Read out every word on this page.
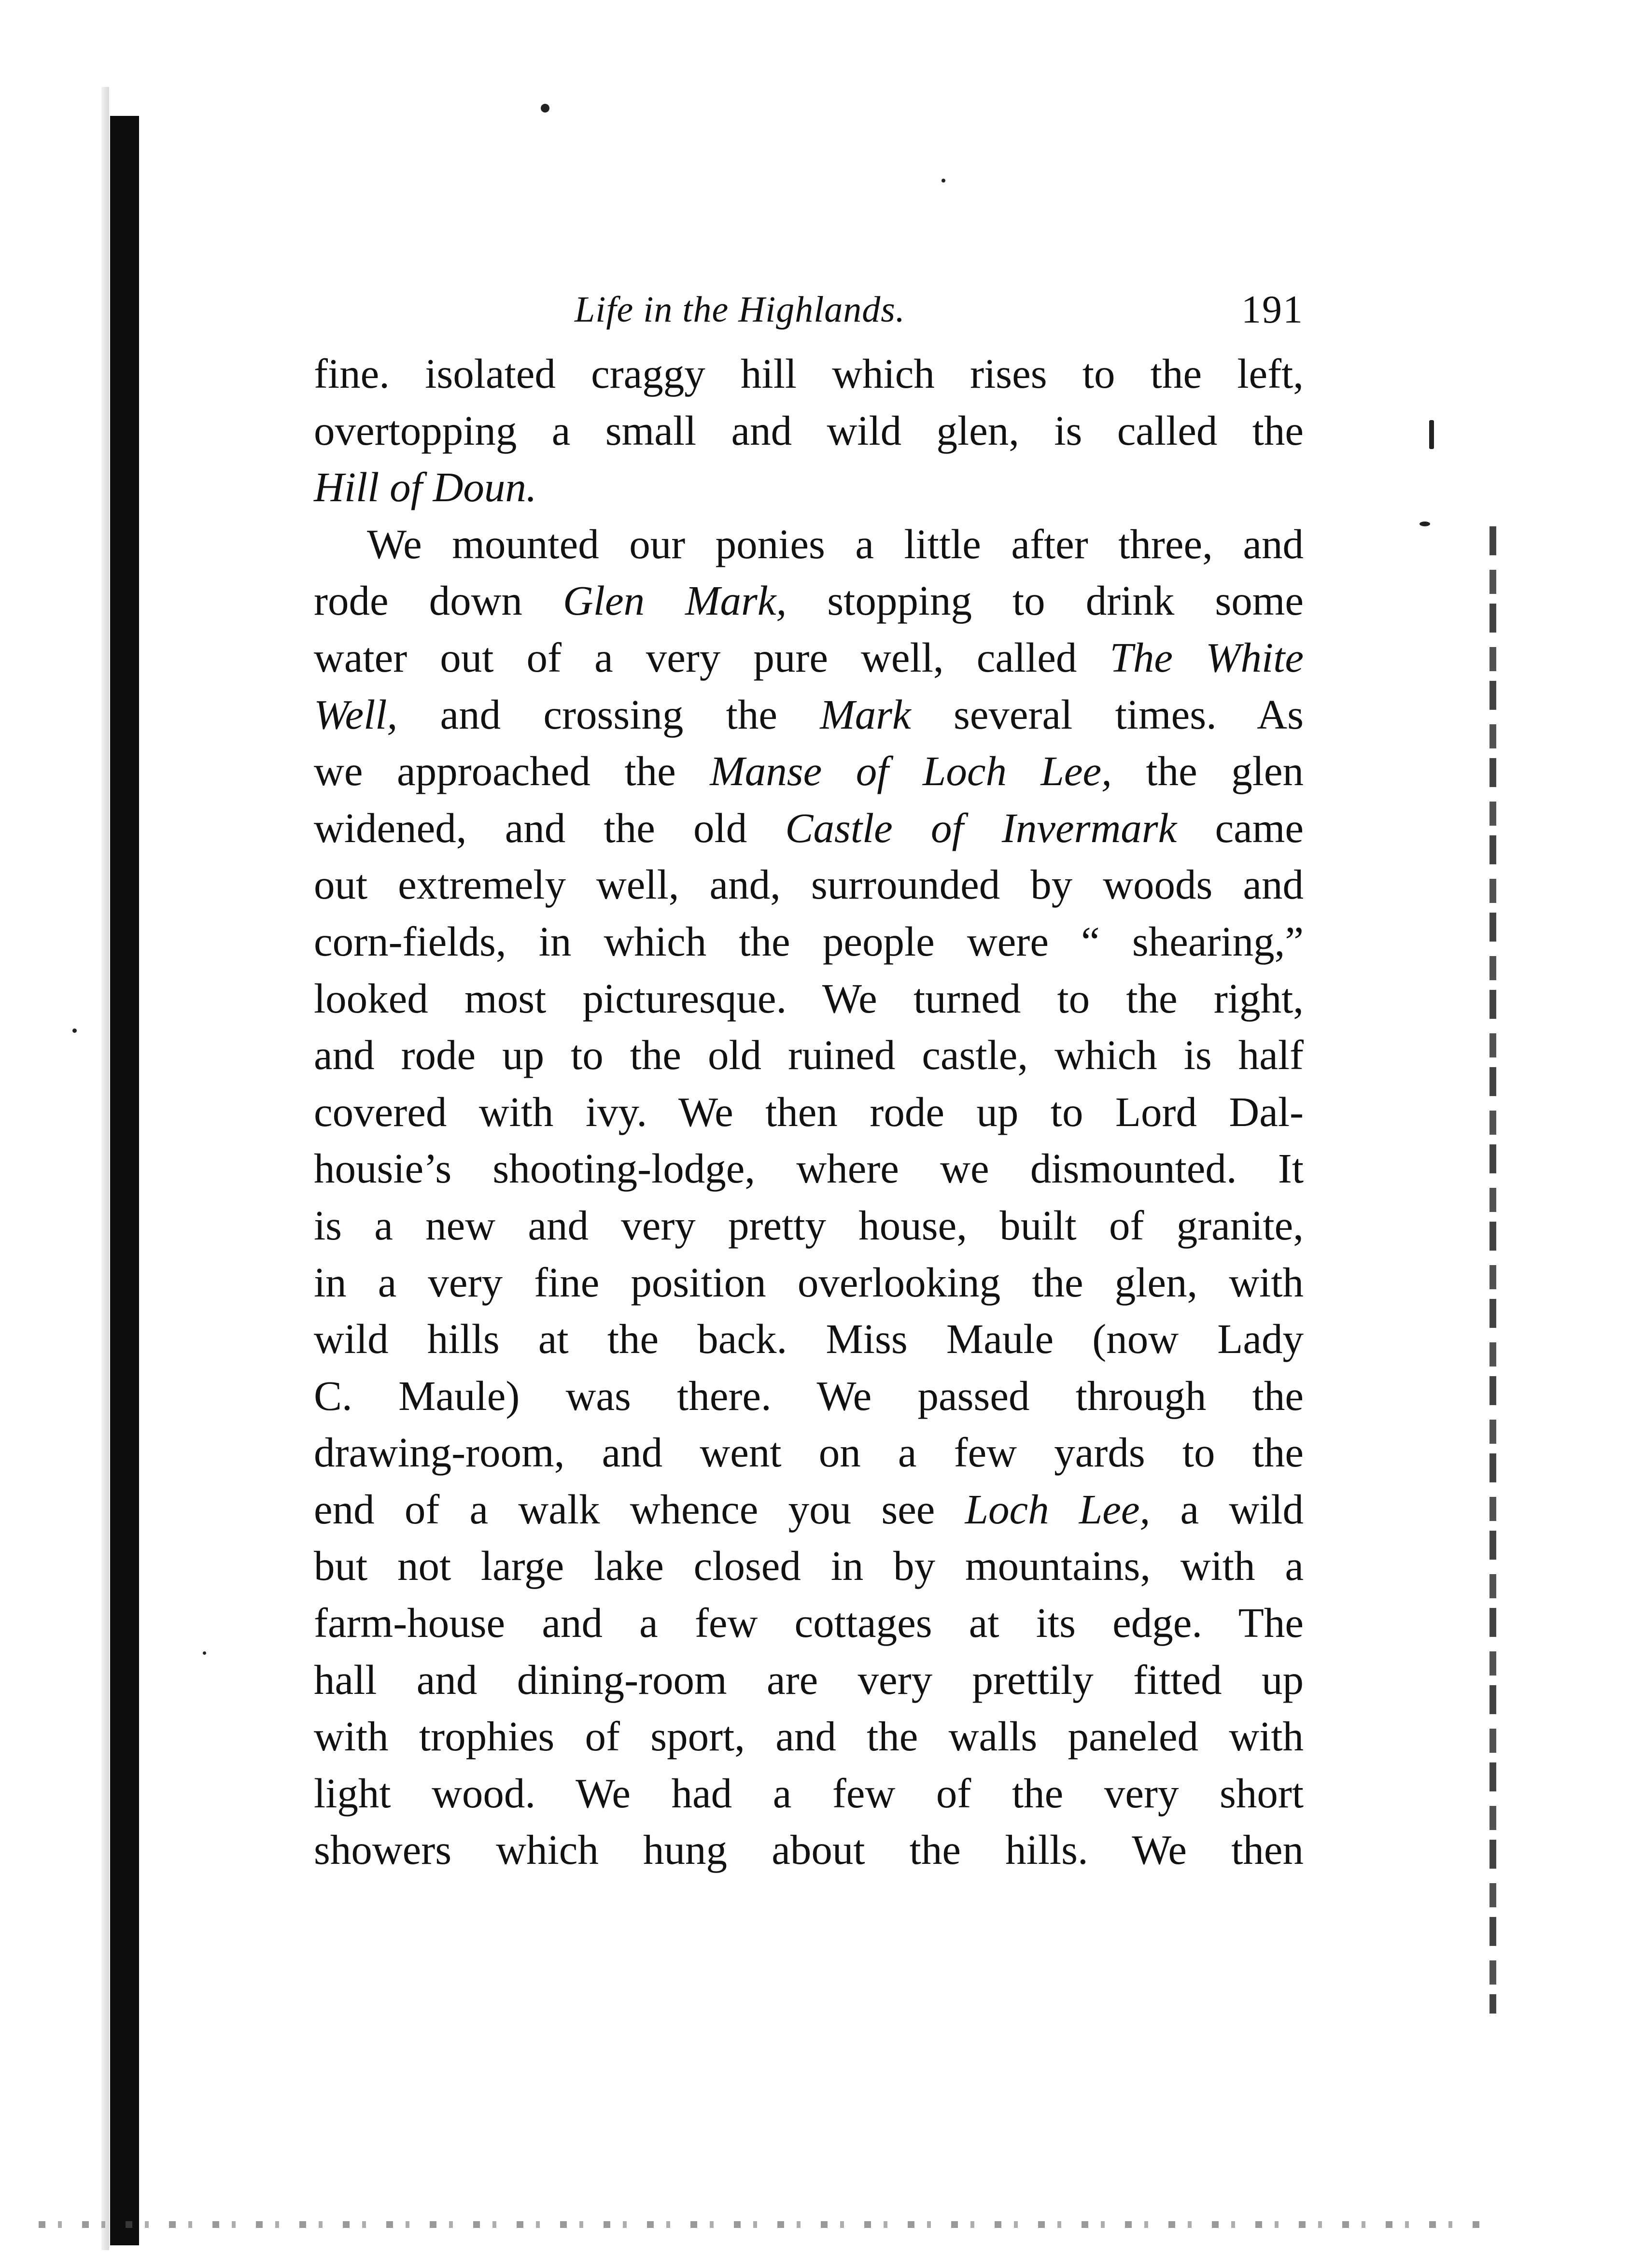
Life in the Highlands.	191
fine. isolated craggy hill which rises to the left,
overtopping a small and wild glen, is called the
Hill of Doun.
We mounted our ponies a little after three, and
rode down Glen Mark, stopping to drink some
water out of a very pure well, called The White
Well, and crossing the Mark several times. As
we approached the Manse of Loch Lee, the glen
widened, and the old Castle of Invermark came
out extremely well, and, surrounded by woods and
corn-fields, in which the people were “ shearing,”
looked most picturesque. We turned to the right,
and rode up to the old ruined castle, which is half
covered with ivy. We then rode up to Lord Dal-
housie’s shooting-lodge, where we dismounted. It
is a new and very pretty house, built of granite,
in a very fine position overlooking the glen, with
wild hills at the back. Miss Maule (now Lady
C. Maule) was there. We passed through the
drawing-room, and went on a few yards to the
end of a walk whence you see Loch Lee, a wild
but not large lake closed in by mountains, with a
farm-house and a few cottages at its edge. The
hall and dining-room are very prettily fitted up
with trophies of sport, and the walls paneled with
light wood. We had a few of the very short
showers which hung about the hills. We then
